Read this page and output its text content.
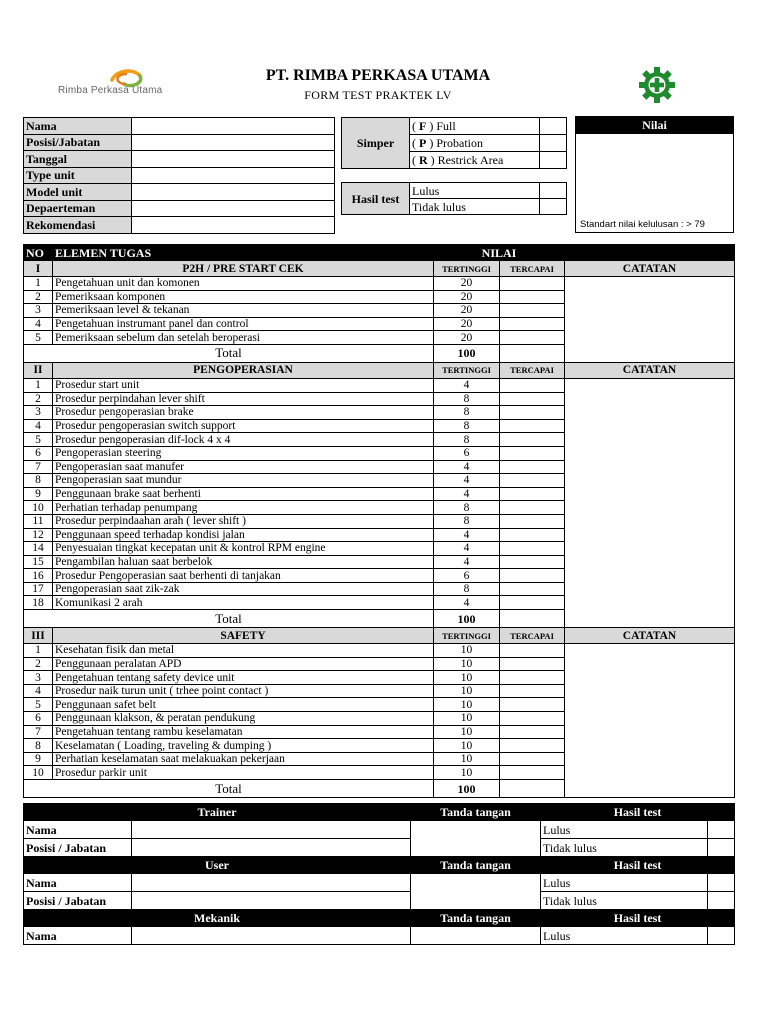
Rimba Perkasa Utama
PT. RIMBA PERKASA UTAMA
FORM TEST PRAKTEK LV
Nama	
Posisi/Jabatan	
Tanggal	
Type unit	
Model unit	
Depaerteman	
Rekomendasi	
Simper	( F ) Full	
	( P ) Probation	
	( R ) Restrick Area	
Hasil test	Lulus	
	Tidak lulus	
Nilai
Standart nilai kelulusan : > 79
NO	ELEMEN TUGAS	NILAI		
I	P2H / PRE START CEK	TERTINGGI	TERCAPAI	CATATAN
1	Pengetahuan unit dan komonen	20		
2	Pemeriksaan komponen	20		
3	Pemeriksaan level & tekanan	20		
4	Pengetahuan instrumant panel dan control	20		
5	Pemeriksaan sebelum dan setelah beroperasi	20		
Total		100		
II	PENGOPERASIAN	TERTINGGI	TERCAPAI	CATATAN
1	Prosedur start unit	4		
2	Prosedur perpindahan lever shift	8		
3	Prosedur pengoperasian brake	8		
4	Prosedur pengoperasian switch support	8		
5	Prosedur pengoperasian dif-lock 4 x 4	8		
6	Pengoperasian steering	6		
7	Pengoperasian saat manufer	4		
8	Pengoperasian saat mundur	4		
9	Penggunaan brake saat berhenti	4		
10	Perhatian terhadap penumpang	8		
11	Prosedur perpindaahan arah ( lever shift )	8		
12	Penggunaan speed terhadap kondisi jalan	4		
14	Penyesuaian tingkat kecepatan unit & kontrol RPM engine	4		
15	Pengambilan haluan saat berbelok	4		
16	Prosedur Pengoperasian saat berhenti di tanjakan	6		
17	Pengoperasian saat zik-zak	8		
18	Komunikasi 2 arah	4		
Total		100		
III	SAFETY	TERTINGGI	TERCAPAI	CATATAN
1	Kesehatan fisik dan metal	10		
2	Penggunaan peralatan APD	10		
3	Pengetahuan tentang safety device unit	10		
4	Prosedur naik turun unit ( trhee point contact )	10		
5	Penggunaan safet belt	10		
6	Penggunaan klakson, & peratan pendukung	10		
7	Pengetahuan tentang rambu keselamatan	10		
8	Keselamatan ( Loading, traveling & dumping )	10		
9	Perhatian keselamatan saat melakuakan pekerjaan	10		
10	Prosedur parkir unit	10		
Total		100		
Trainer		Tanda tangan	Hasil test	
Nama			Lulus	
Posisi / Jabatan			Tidak lulus	
User		Tanda tangan	Hasil test	
Nama			Lulus	
Posisi / Jabatan			Tidak lulus	
Mekanik		Tanda tangan	Hasil test	
Nama			Lulus	
